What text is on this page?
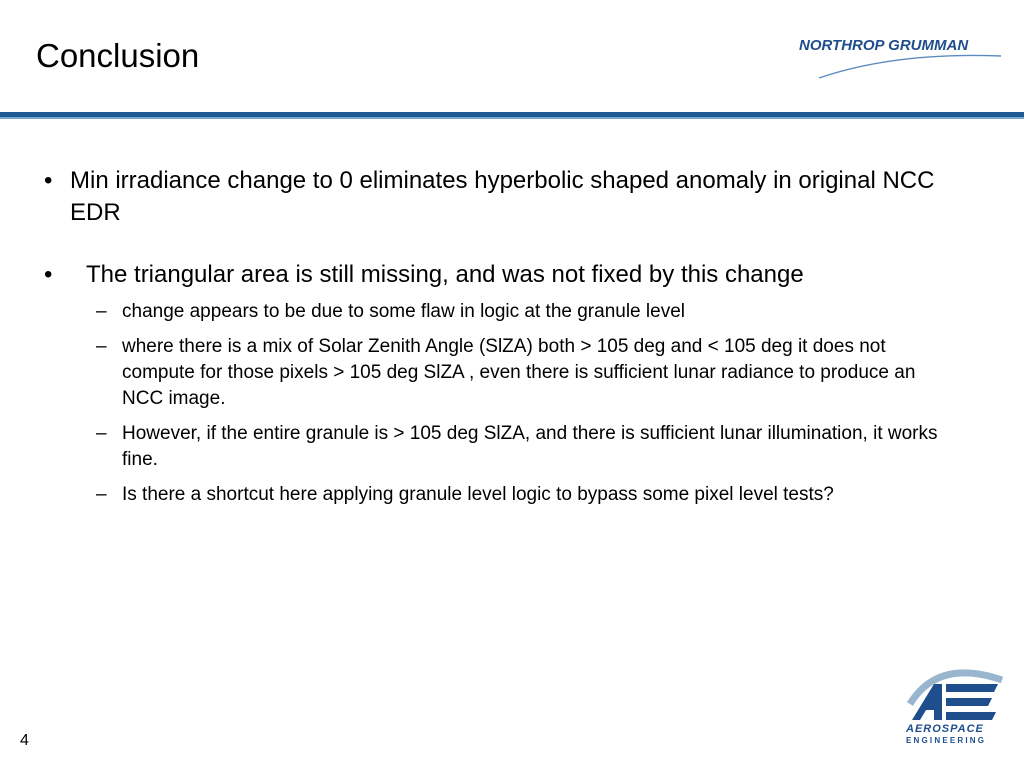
Conclusion	NORTHROP GRUMMAN
• Min irradiance change to 0 eliminates hyperbolic shaped anomaly in original NCC EDR
• The triangular area is still missing, and was not fixed by this change
– change appears to be due to some flaw in logic at the granule level
– where there is a mix of Solar Zenith Angle (SlZA) both > 105 deg and < 105 deg it does not compute for those pixels > 105 deg SlZA , even there is sufficient lunar radiance to produce an NCC image.
– However, if the entire granule is > 105 deg SlZA, and there is sufficient lunar illumination, it works fine.
– Is there a shortcut here applying granule level logic to bypass some pixel level tests?
4
AEROSPACE
ENGINEERING
